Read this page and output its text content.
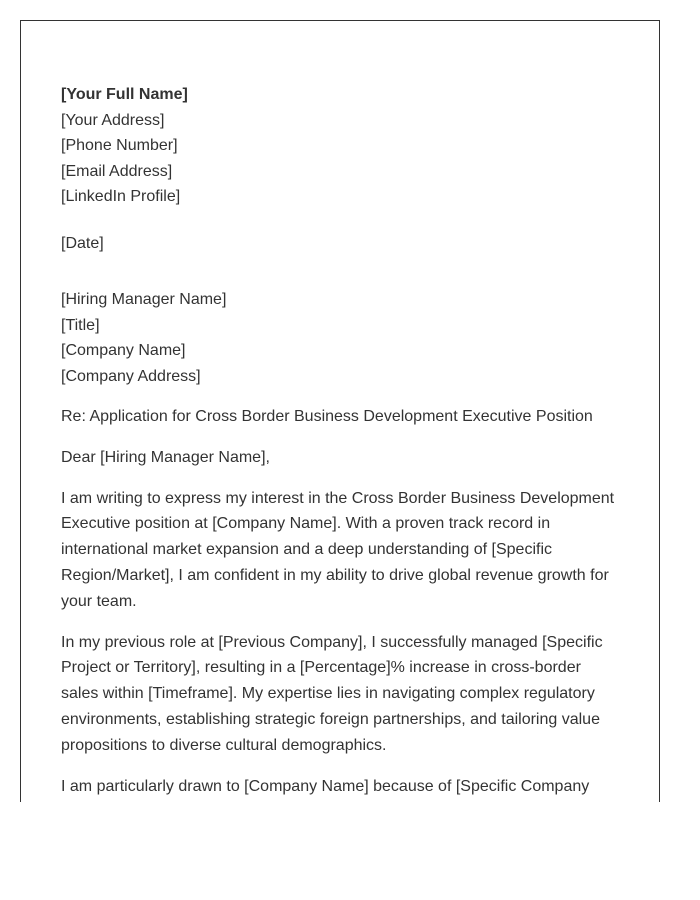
[Your Full Name]
[Your Address]
[Phone Number]
[Email Address]
[LinkedIn Profile]
[Date]
[Hiring Manager Name]
[Title]
[Company Name]
[Company Address]

Re: Application for Cross Border Business Development Executive Position

Dear [Hiring Manager Name],

I am writing to express my interest in the Cross Border Business Development Executive position at [Company Name]. With a proven track record in international market expansion and a deep understanding of [Specific Region/Market], I am confident in my ability to drive global revenue growth for your team.

In my previous role at [Previous Company], I successfully managed [Specific Project or Territory], resulting in a [Percentage]% increase in cross-border sales within [Timeframe]. My expertise lies in navigating complex regulatory environments, establishing strategic foreign partnerships, and tailoring value propositions to diverse cultural demographics.

I am particularly drawn to [Company Name] because of [Specific Company
